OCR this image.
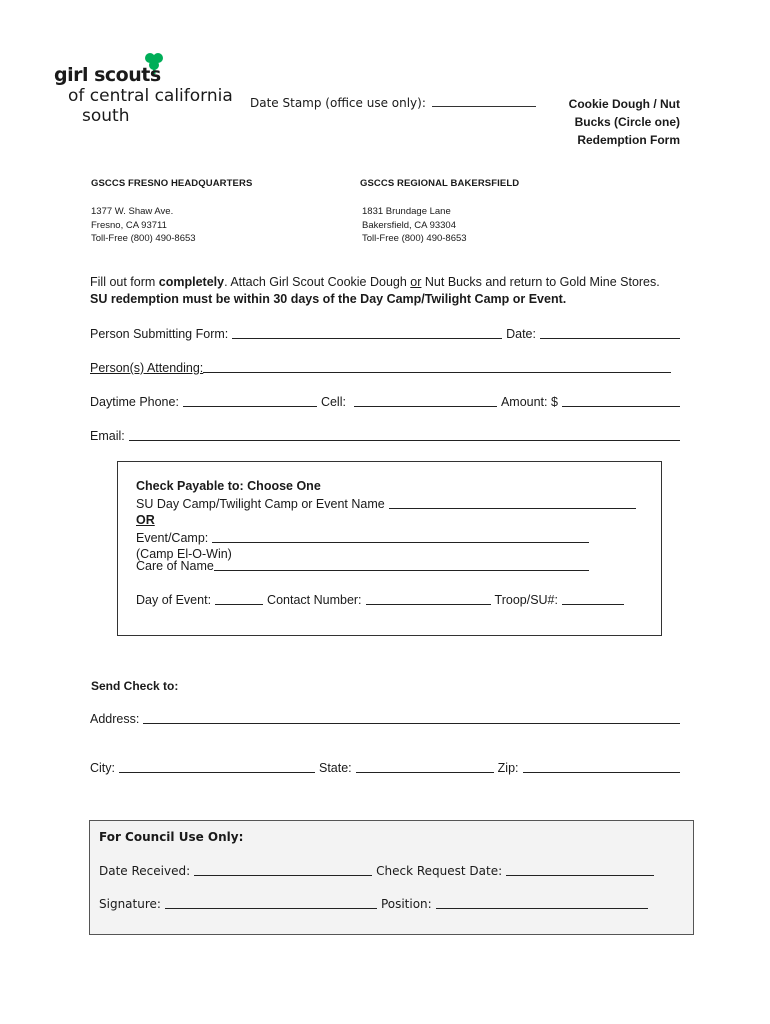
girl scouts
of central california
south
Date Stamp (office use only):	Cookie Dough / Nut
Bucks (Circle one)
Redemption Form
GSCCS FRESNO HEADQUARTERS	GSCCS REGIONAL BAKERSFIELD
1377 W. Shaw Ave.
Fresno, CA 93711
Toll-Free (800) 490-8653
1831 Brundage Lane
Bakersfield, CA 93304
Toll-Free (800) 490-8653
Fill out form completely. Attach Girl Scout Cookie Dough or Nut Bucks and return to Gold Mine Stores.
SU redemption must be within 30 days of the Day Camp/Twilight Camp or Event.
Person Submitting Form:	Date:
Person(s) Attending:
Daytime Phone:	Cell:	Amount: $
Email:
Check Payable to: Choose One
SU Day Camp/Twilight Camp or Event Name
OR
Event/Camp:
(Camp El-O-Win)
Care of Name
Day of Event:	Contact Number:	Troop/SU#:
Send Check to:
Address:
City:	State:	Zip:
For Council Use Only:
Date Received:	Check Request Date:
Signature:	Position:
